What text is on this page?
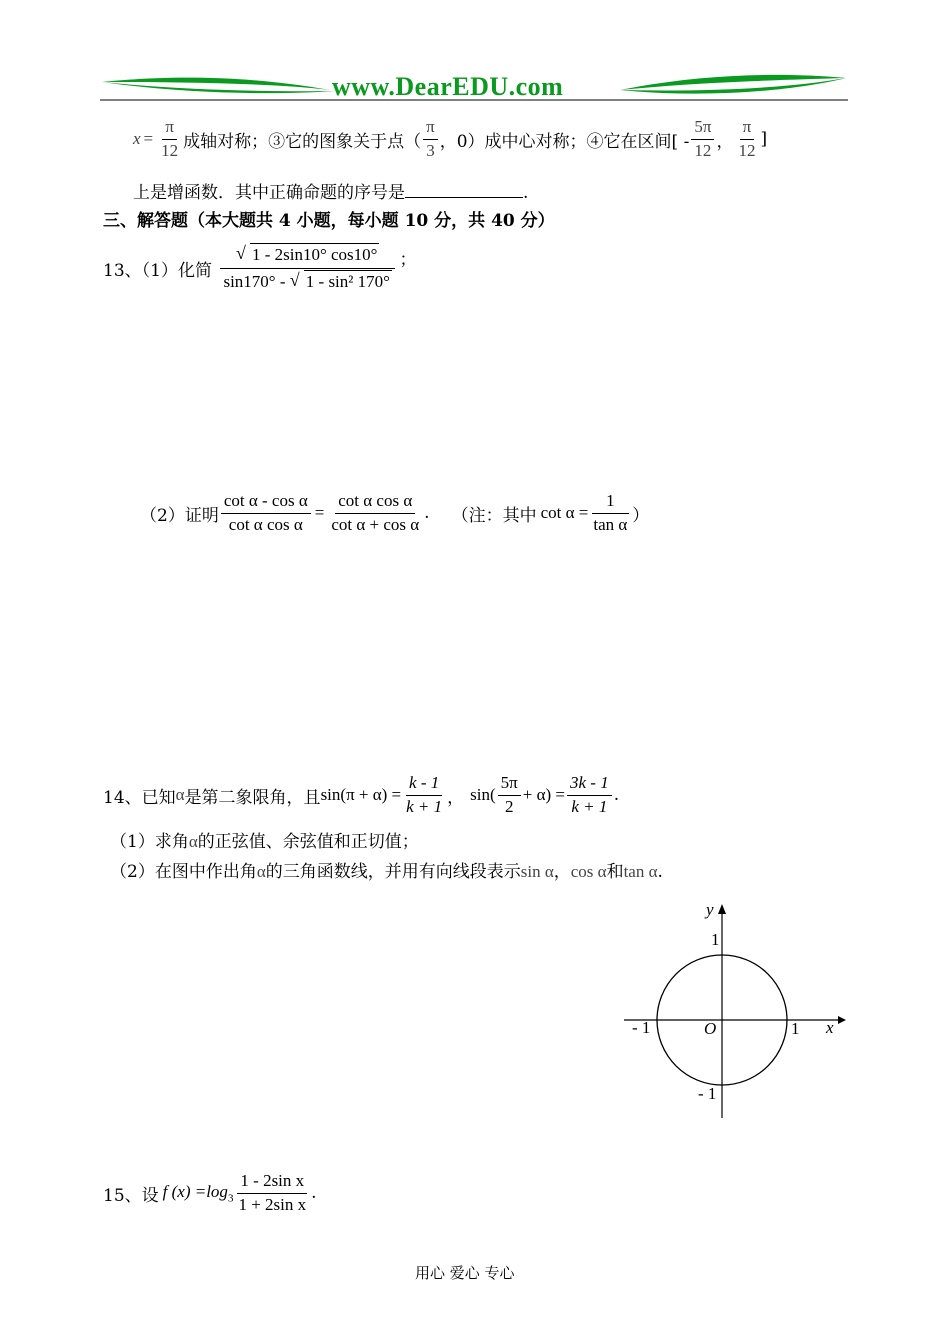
www.DearEDU.com
$x = \frac{\pi}{12}$ 成轴对称；③它的图象关于点（ $\frac{\pi}{3}$ ，0）成中心对称；④它在区间[ - $\frac{5\pi}{12}$ ， $\frac{\pi}{12}$ ]
上是增函数．其中正确命题的序号是	.
三、解答题（本大题共 4 小题，每小题 10 分，共 40 分）
13、（1）化简 $\frac{√ 1 - 2\sin 10^\circ \cos 10^\circ}{\text{sin170° - √ 1 - sin² 170°}}$ ；
（2）证明 $\frac{\text{cot α - cos α}}{\text{cot α cos α}} = \frac{\text{cot α cos α}}{\text{cot α + cos α}}$ . （注：其中 $\cot \alpha = \frac{1}{\text{tan α}}$ ）
14、已知 α 是第二象限角，且 $\sin(\pi + \alpha) = \frac{k - 1}{k + 1}$ ， $\sin( \frac{5\pi}{2} + \alpha) = \frac{3k - 1}{k + 1}$ .
（1）求角α的正弦值、余弦值和正切值；
（2）在图中作出角α的三角函数线，并用有向线段表示sin α，cos α和tan α.
y
1
- 1	O	1 x
- 1
15、设 f $(x) =\log_3 \frac{\text{1 - 2sin x}}{\text{1 + 2sin x}}$ .
用心 爱心 专心
